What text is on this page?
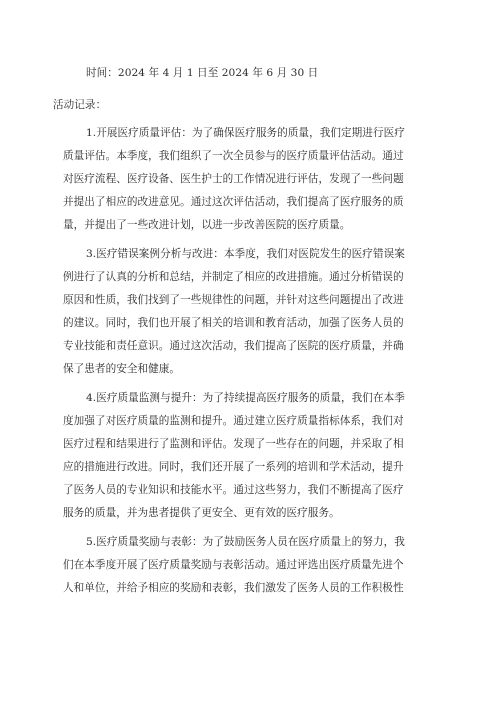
时间：2024 年 4 月 1 日至 2024 年 6 月 30 日
活动记录：
1.开展医疗质量评估：为了确保医疗服务的质量，我们定期进行医疗
质量评估。本季度，我们组织了一次全员参与的医疗质量评估活动。通过
对医疗流程、医疗设备、医生护士的工作情况进行评估，发现了一些问题
并提出了相应的改进意见。通过这次评估活动，我们提高了医疗服务的质
量，并提出了一些改进计划，以进一步改善医院的医疗质量。
3.医疗错误案例分析与改进：本季度，我们对医院发生的医疗错误案
例进行了认真的分析和总结，并制定了相应的改进措施。通过分析错误的
原因和性质，我们找到了一些规律性的问题，并针对这些问题提出了改进
的建议。同时，我们也开展了相关的培训和教育活动，加强了医务人员的
专业技能和责任意识。通过这次活动，我们提高了医院的医疗质量，并确
保了患者的安全和健康。
4.医疗质量监测与提升：为了持续提高医疗服务的质量，我们在本季
度加强了对医疗质量的监测和提升。通过建立医疗质量指标体系，我们对
医疗过程和结果进行了监测和评估。发现了一些存在的问题，并采取了相
应的措施进行改进。同时，我们还开展了一系列的培训和学术活动，提升
了医务人员的专业知识和技能水平。通过这些努力，我们不断提高了医疗
服务的质量，并为患者提供了更安全、更有效的医疗服务。
5.医疗质量奖励与表彰：为了鼓励医务人员在医疗质量上的努力，我
们在本季度开展了医疗质量奖励与表彰活动。通过评选出医疗质量先进个
人和单位，并给予相应的奖励和表彰，我们激发了医务人员的工作积极性
